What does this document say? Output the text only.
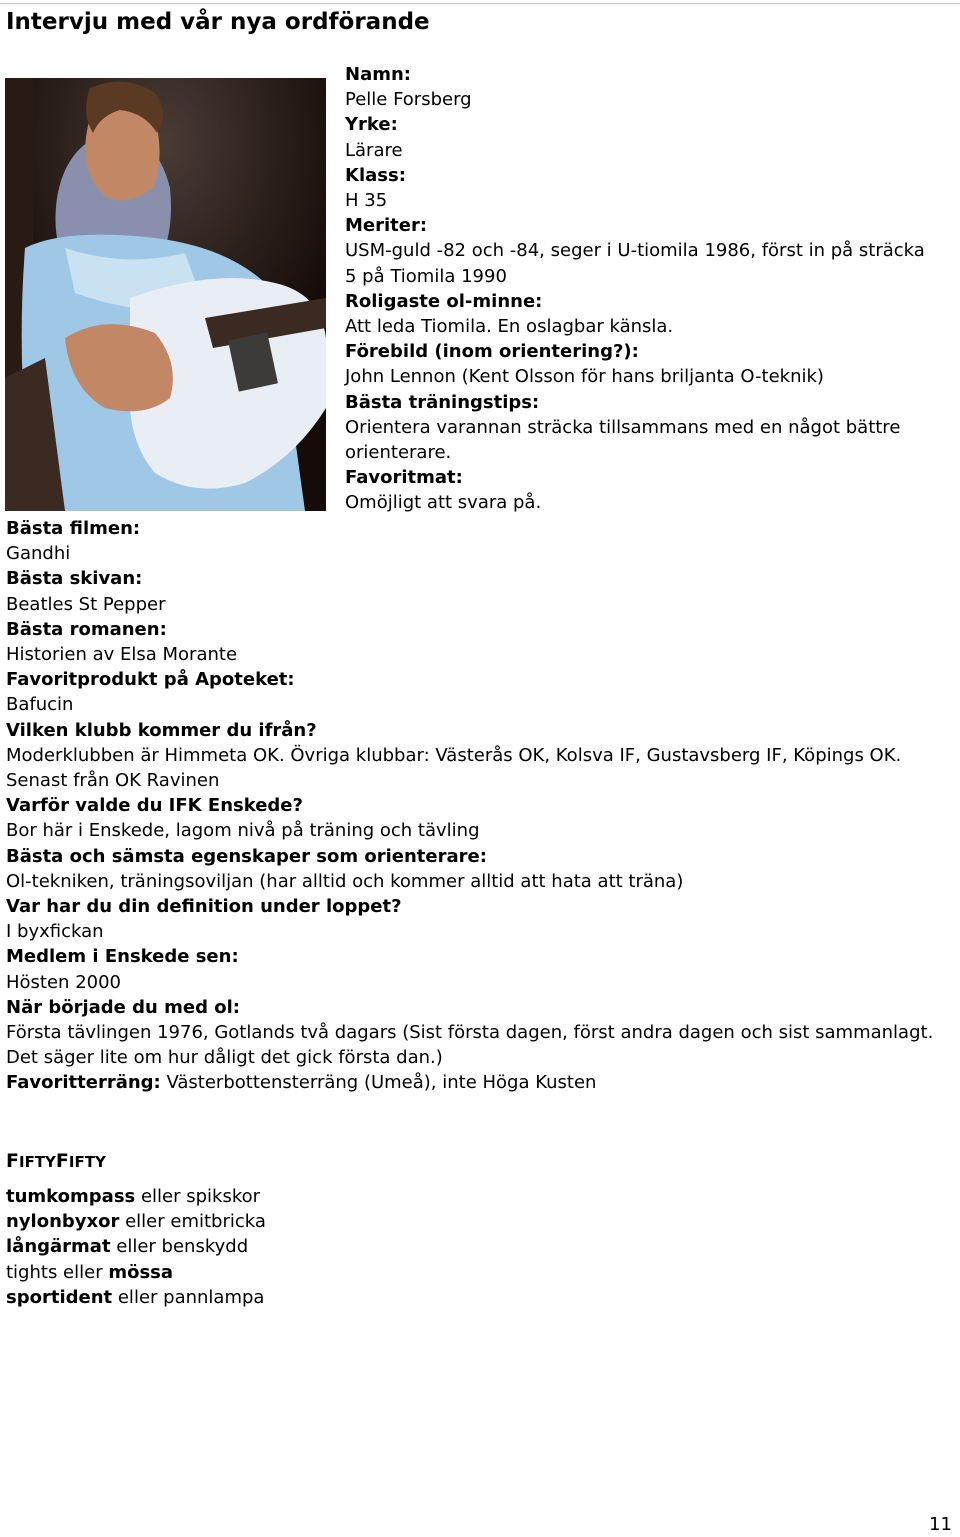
Intervju med vår nya ordförande
Namn:
Pelle Forsberg
Yrke:
Lärare
Klass:
H 35
Meriter:
USM-guld -82 och -84, seger i U-tiomila 1986, först in på sträcka
5 på Tiomila 1990
Roligaste ol-minne:
Att leda Tiomila. En oslagbar känsla.
Förebild (inom orientering?):
John Lennon (Kent Olsson för hans briljanta O-teknik)
Bästa träningstips:
Orientera varannan sträcka tillsammans med en något bättre
orienterare.
Favoritmat:
Omöjligt att svara på.
Bästa filmen:
Gandhi
Bästa skivan:
Beatles St Pepper
Bästa romanen:
Historien av Elsa Morante
Favoritprodukt på Apoteket:
Bafucin
Vilken klubb kommer du ifrån?
Moderklubben är Himmeta OK. Övriga klubbar: Västerås OK, Kolsva IF, Gustavsberg IF, Köpings OK.
Senast från OK Ravinen
Varför valde du IFK Enskede?
Bor här i Enskede, lagom nivå på träning och tävling
Bästa och sämsta egenskaper som orienterare:
Ol-tekniken, träningsoviljan (har alltid och kommer alltid att hata att träna)
Var har du din definition under loppet?
I byxfickan
Medlem i Enskede sen:
Hösten 2000
När började du med ol:
Första tävlingen 1976, Gotlands två dagars (Sist första dagen, först andra dagen och sist sammanlagt.
Det säger lite om hur dåligt det gick första dan.)
Favoritterräng: Västerbottensterräng (Umeå), inte Höga Kusten
FIFTYFIFTY
tumkompass eller spikskor
nylonbyxor eller emitbricka
långärmat eller benskydd
tights eller mössa
sportident eller pannlampa
11
